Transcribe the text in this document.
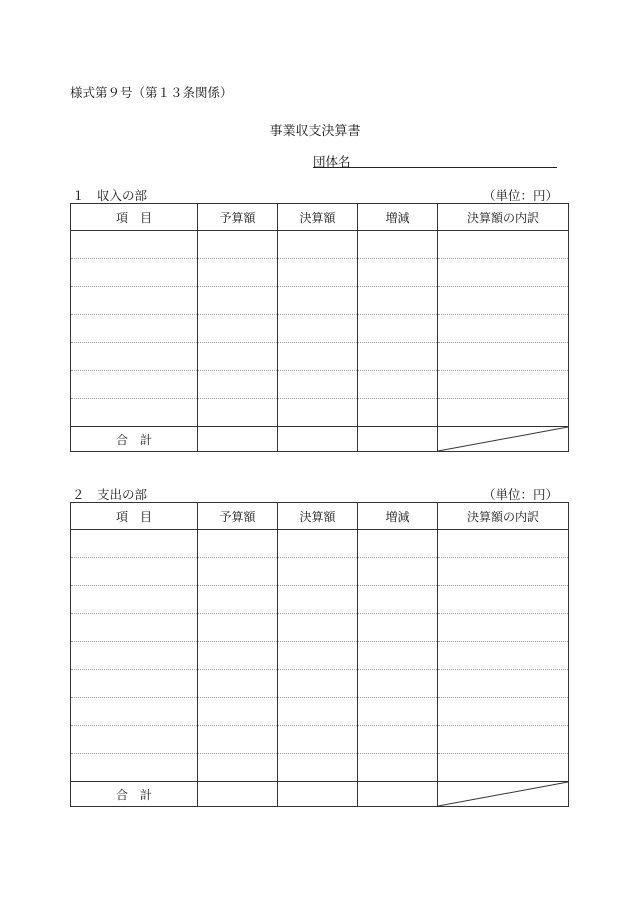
様式第９号（第１３条関係）
事業収支決算書
団体名
１　収入の部	（単位：円）
項　目	予算額	決算額	増減	決算額の内訳

合　計				
２　支出の部	（単位：円）
項　目	予算額	決算額	増減	決算額の内訳

合　計				
